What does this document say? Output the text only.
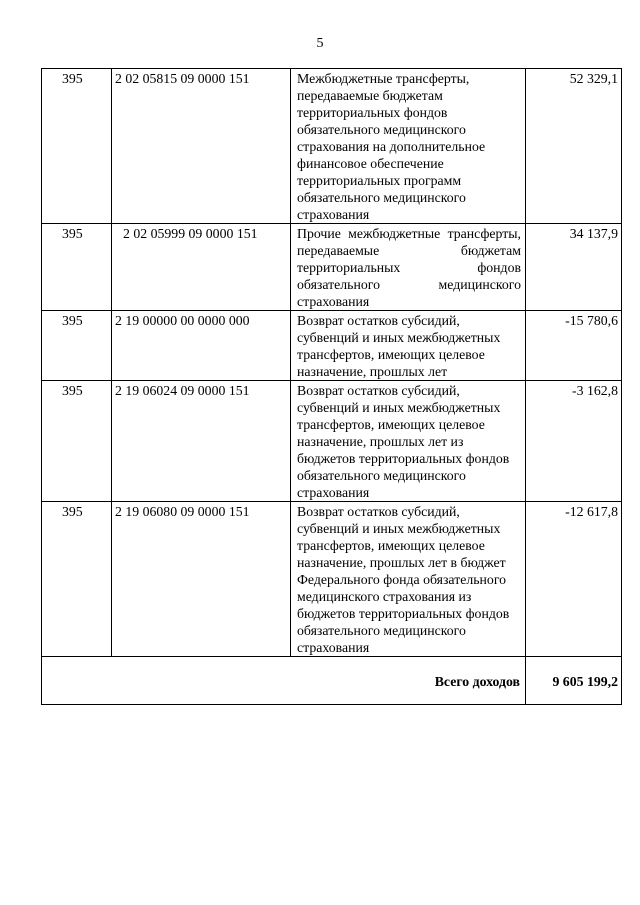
5
395	2 02 05815 09 0000 151	Межбюджетные трансферты, передаваемые бюджетам территориальных фондов обязательного медицинского страхования на дополнительное финансовое обеспечение территориальных программ обязательного медицинского страхования	52 329,1

395	2 02 05999 09 0000 151	Прочие межбюджетные трансферты, передаваемые бюджетам территориальных фондов обязательного медицинского страхования	34 137,9

395	2 19 00000 00 0000 000	Возврат остатков субсидий, субвенций и иных межбюджетных трансфертов, имеющих целевое назначение, прошлых лет	-15 780,6

395	2 19 06024 09 0000 151	Возврат остатков субсидий, субвенций и иных межбюджетных трансфертов, имеющих целевое назначение, прошлых лет из бюджетов территориальных фондов обязательного медицинского страхования	-3 162,8

395	2 19 06080 09 0000 151	Возврат остатков субсидий, субвенций и иных межбюджетных трансфертов, имеющих целевое назначение, прошлых лет в бюджет Федерального фонда обязательного медицинского страхования из бюджетов территориальных фондов обязательного медицинского страхования	-12 617,8

Всего доходов			9 605 199,2
